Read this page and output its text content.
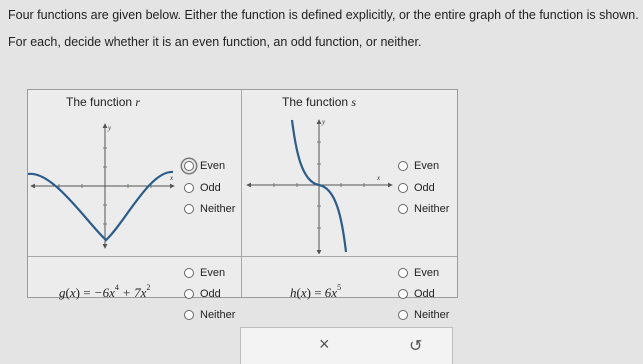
Four functions are given below. Either the function is defined explicitly, or the entire graph of the function is shown.
For each, decide whether it is an even function, an odd function, or neither.
The function r
y
x
Even
Odd
Neither
The function s
y
x
Even
Odd
Neither
$g(x) = -6x^4 + 7x^2$
Even
Odd
Neither
$h(x) = 6x^5$
Even
Odd
Neither
×	↺
